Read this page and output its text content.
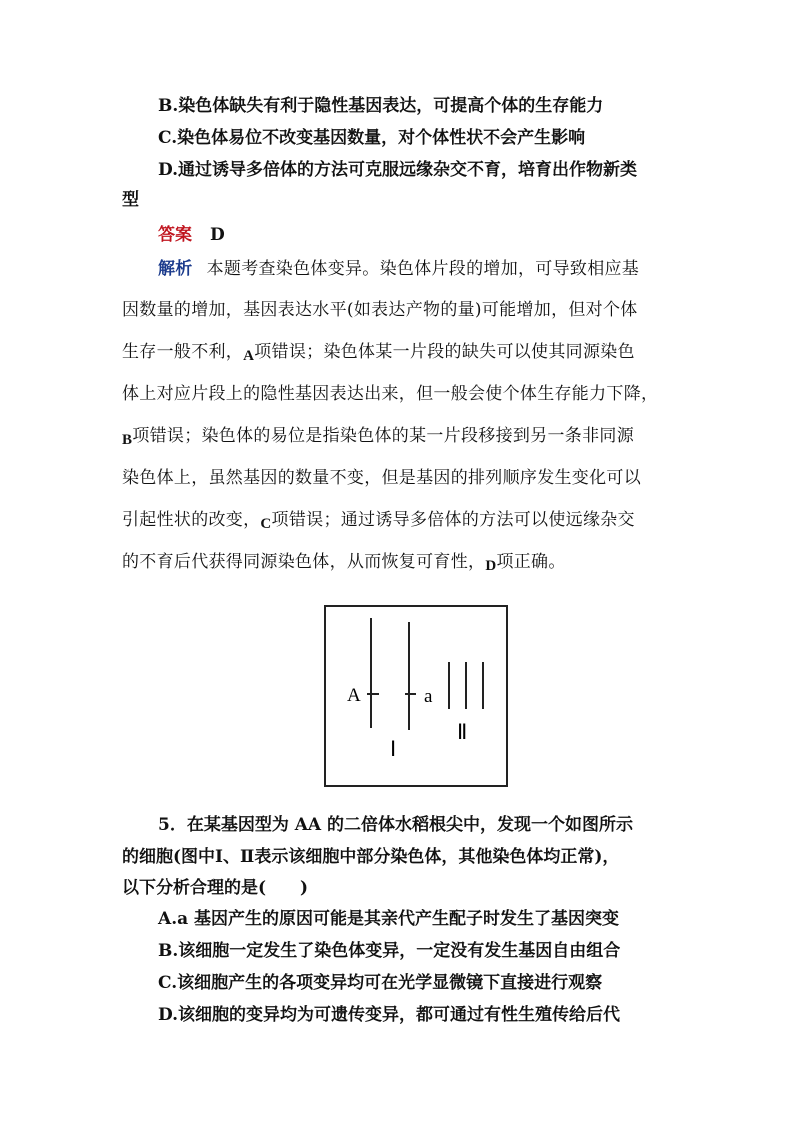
B.染色体缺失有利于隐性基因表达，可提高个体的生存能力
C.染色体易位不改变基因数量，对个体性状不会产生影响
D.通过诱导多倍体的方法可克服远缘杂交不育，培育出作物新类
型
答案 D
解析 本题考查染色体变异。染色体片段的增加，可导致相应基
因数量的增加，基因表达水平(如表达产物的量)可能增加，但对个体
生存一般不利，A项错误；染色体某一片段的缺失可以使其同源染色
体上对应片段上的隐性基因表达出来，但一般会使个体生存能力下降，
B项错误；染色体的易位是指染色体的某一片段移接到另一条非同源
染色体上，虽然基因的数量不变，但是基因的排列顺序发生变化可以
引起性状的改变，C项错误；通过诱导多倍体的方法可以使远缘杂交
的不育后代获得同源染色体，从而恢复可育性，D项正确。
A	a
Ⅰ
Ⅱ
5．在某基因型为 AA 的二倍体水稻根尖中，发现一个如图所示
的细胞(图中Ⅰ、Ⅱ表示该细胞中部分染色体，其他染色体均正常)，
以下分析合理的是(　　)
A.a 基因产生的原因可能是其亲代产生配子时发生了基因突变
B.该细胞一定发生了染色体变异，一定没有发生基因自由组合
C.该细胞产生的各项变异均可在光学显微镜下直接进行观察
D.该细胞的变异均为可遗传变异，都可通过有性生殖传给后代
